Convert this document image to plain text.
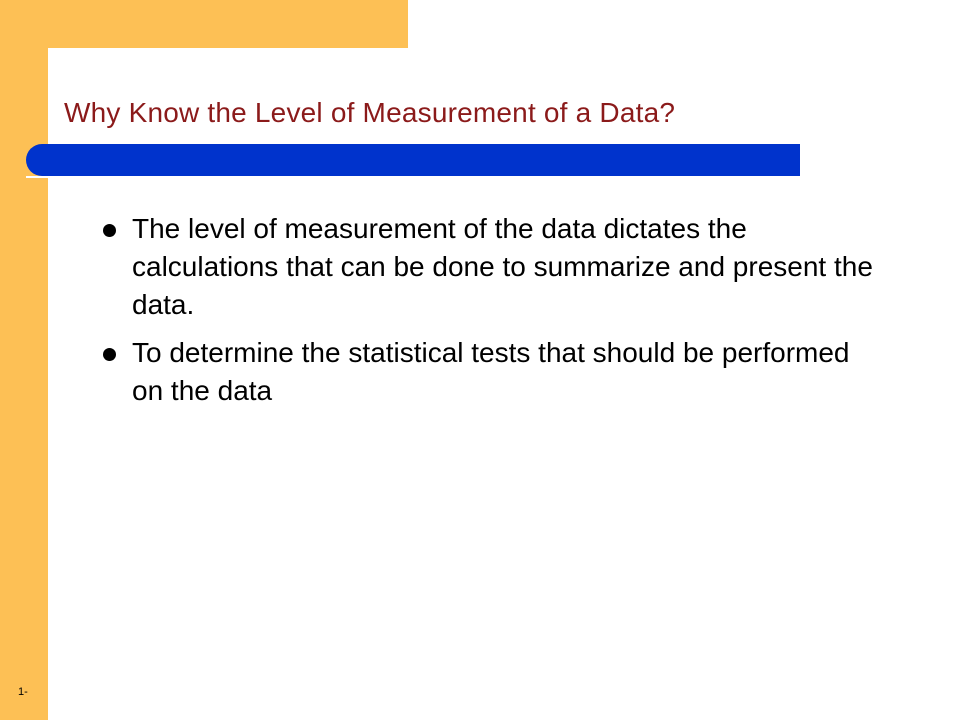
Why Know the Level of Measurement of a Data?
The level of measurement of the data dictates the calculations that can be done to summarize and present the data.
To determine the statistical tests that should be performed on the data
1-
